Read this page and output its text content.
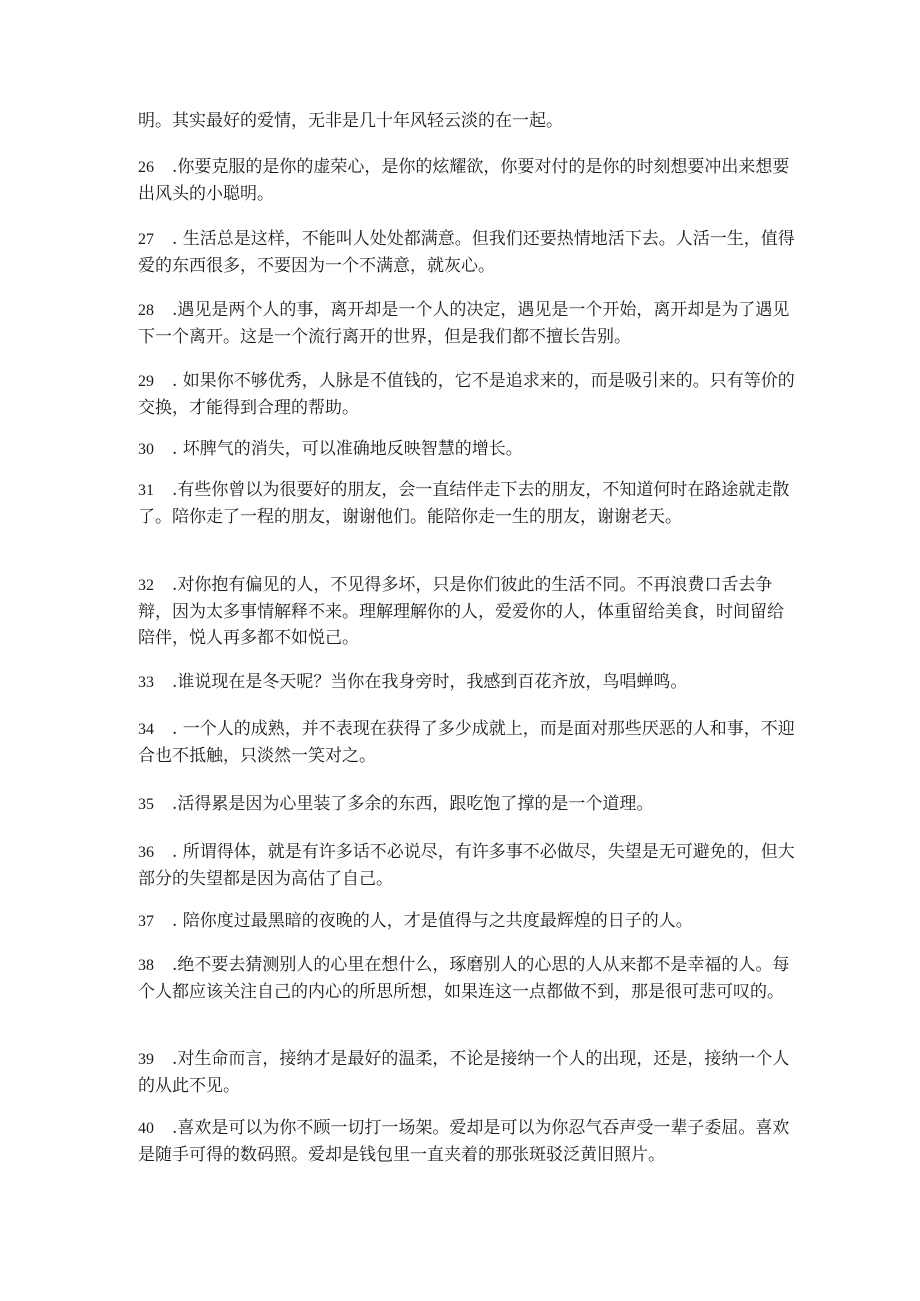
明。其实最好的爱情，无非是几十年风轻云淡的在一起。

26 .你要克服的是你的虚荣心，是你的炫耀欲，你要对付的是你的时刻想要冲出来想要出风头的小聪明。

27 . 生活总是这样，不能叫人处处都满意。但我们还要热情地活下去。人活一生，值得爱的东西很多，不要因为一个不满意，就灰心。

28 .遇见是两个人的事，离开却是一个人的决定，遇见是一个开始，离开却是为了遇见下一个离开。这是一个流行离开的世界，但是我们都不擅长告别。

29 . 如果你不够优秀，人脉是不值钱的，它不是追求来的，而是吸引来的。只有等价的交换，才能得到合理的帮助。

30 . 坏脾气的消失，可以准确地反映智慧的增长。

31 .有些你曾以为很要好的朋友，会一直结伴走下去的朋友，不知道何时在路途就走散了。陪你走了一程的朋友，谢谢他们。能陪你走一生的朋友，谢谢老天。

32 .对你抱有偏见的人，不见得多坏，只是你们彼此的生活不同。不再浪费口舌去争辩，因为太多事情解释不来。理解理解你的人，爱爱你的人，体重留给美食，时间留给陪伴，悦人再多都不如悦己。

33 .谁说现在是冬天呢？当你在我身旁时，我感到百花齐放，鸟唱蝉鸣。

34 . 一个人的成熟，并不表现在获得了多少成就上，而是面对那些厌恶的人和事，不迎合也不抵触，只淡然一笑对之。

35 .活得累是因为心里装了多余的东西，跟吃饱了撑的是一个道理。

36 . 所谓得体，就是有许多话不必说尽，有许多事不必做尽，失望是无可避免的，但大部分的失望都是因为高估了自己。

37 . 陪你度过最黑暗的夜晚的人，才是值得与之共度最辉煌的日子的人。

38 .绝不要去猜测别人的心里在想什么，琢磨别人的心思的人从来都不是幸福的人。每个人都应该关注自己的内心的所思所想，如果连这一点都做不到，那是很可悲可叹的。

39 .对生命而言，接纳才是最好的温柔，不论是接纳一个人的出现，还是，接纳一个人的从此不见。

40 .喜欢是可以为你不顾一切打一场架。爱却是可以为你忍气吞声受一辈子委屈。喜欢是随手可得的数码照。爱却是钱包里一直夹着的那张斑驳泛黄旧照片。
